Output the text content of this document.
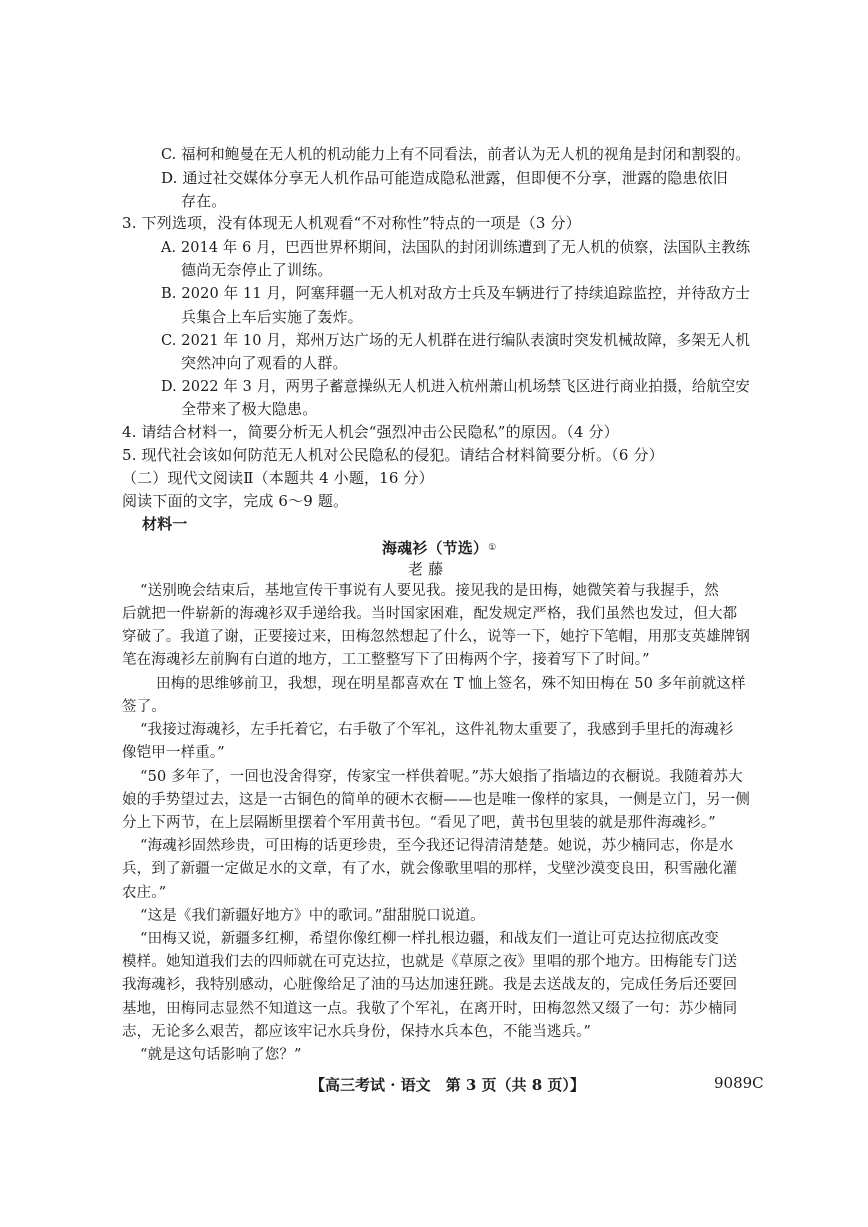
C. 福柯和鲍曼在无人机的机动能力上有不同看法，前者认为无人机的视角是封闭和割裂的。
D. 通过社交媒体分享无人机作品可能造成隐私泄露，但即便不分享，泄露的隐患依旧
存在。
3. 下列选项，没有体现无人机观看“不对称性”特点的一项是（3 分）
A. 2014 年 6 月，巴西世界杯期间，法国队的封闭训练遭到了无人机的侦察，法国队主教练
德尚无奈停止了训练。
B. 2020 年 11 月，阿塞拜疆一无人机对敌方士兵及车辆进行了持续追踪监控，并待敌方士
兵集合上车后实施了轰炸。
C. 2021 年 10 月，郑州万达广场的无人机群在进行编队表演时突发机械故障，多架无人机
突然冲向了观看的人群。
D. 2022 年 3 月，两男子蓄意操纵无人机进入杭州萧山机场禁飞区进行商业拍摄，给航空安
全带来了极大隐患。
4. 请结合材料一，简要分析无人机会“强烈冲击公民隐私”的原因。（4 分）
5. 现代社会该如何防范无人机对公民隐私的侵犯。请结合材料简要分析。（6 分）
（二）现代文阅读Ⅱ（本题共 4 小题，16 分）
阅读下面的文字，完成 6～9 题。
材料一
海魂衫（节选）①
老 藤
“送别晚会结束后，基地宣传干事说有人要见我。接见我的是田梅，她微笑着与我握手，然
后就把一件崭新的海魂衫双手递给我。当时国家困难，配发规定严格，我们虽然也发过，但大都
穿破了。我道了谢，正要接过来，田梅忽然想起了什么，说等一下，她拧下笔帽，用那支英雄牌钢
笔在海魂衫左前胸有白道的地方，工工整整写下了田梅两个字，接着写下了时间。”
田梅的思维够前卫，我想，现在明星都喜欢在 T 恤上签名，殊不知田梅在 50 多年前就这样
签了。
“我接过海魂衫，左手托着它，右手敬了个军礼，这件礼物太重要了，我感到手里托的海魂衫
像铠甲一样重。”
“50 多年了，一回也没舍得穿，传家宝一样供着呢。”苏大娘指了指墙边的衣橱说。我随着苏大
娘的手势望过去，这是一古铜色的简单的硬木衣橱——也是唯一像样的家具，一侧是立门，另一侧
分上下两节，在上层隔断里摆着个军用黄书包。“看见了吧，黄书包里装的就是那件海魂衫。”
“海魂衫固然珍贵，可田梅的话更珍贵，至今我还记得清清楚楚。她说，苏少楠同志，你是水
兵，到了新疆一定做足水的文章，有了水，就会像歌里唱的那样，戈壁沙漠变良田，积雪融化灌
农庄。”
“这是《我们新疆好地方》中的歌词。”甜甜脱口说道。
“田梅又说，新疆多红柳，希望你像红柳一样扎根边疆，和战友们一道让可克达拉彻底改变
模样。她知道我们去的四师就在可克达拉，也就是《草原之夜》里唱的那个地方。田梅能专门送
我海魂衫，我特别感动，心脏像给足了油的马达加速狂跳。我是去送战友的，完成任务后还要回
基地，田梅同志显然不知道这一点。我敬了个军礼，在离开时，田梅忽然又缀了一句：苏少楠同
志，无论多么艰苦，都应该牢记水兵身份，保持水兵本色，不能当逃兵。”
“就是这句话影响了您？”
【高三考试 · 语文　第 3 页（共 8 页）】	9089C
